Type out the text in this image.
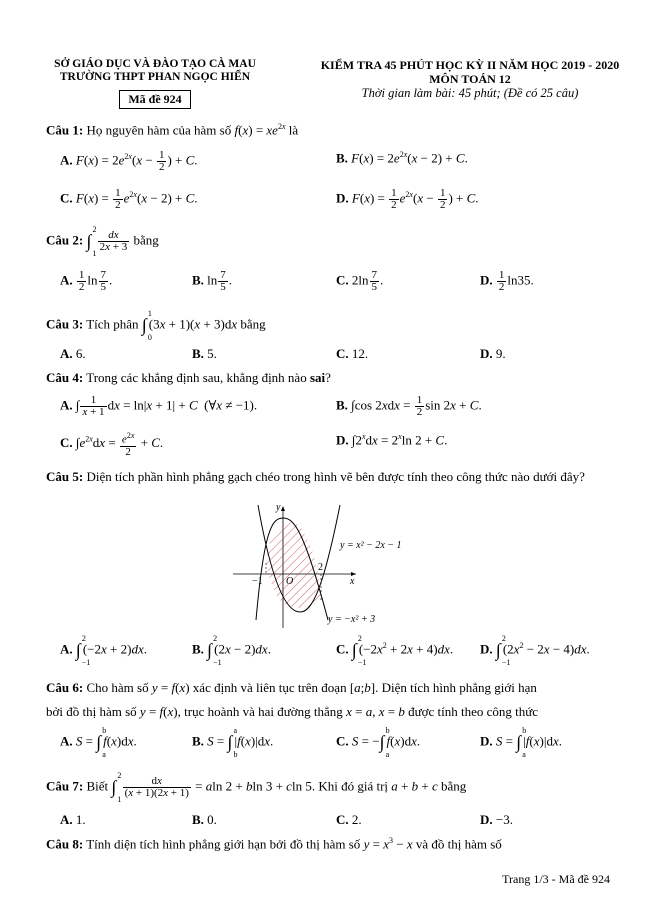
SỞ GIÁO DỤC VÀ ĐÀO TẠO CÀ MAU
TRƯỜNG THPT PHAN NGỌC HIỂN
Mã đề 924
KIỂM TRA 45 PHÚT HỌC KỲ II NĂM HỌC 2019 - 2020
MÔN TOÁN 12
Thời gian làm bài: 45 phút; (Đề có 25 câu)
Câu 1: Họ nguyên hàm của hàm số $f(x) = xe^{2x}$ là
A. $F(x) = 2e^{2x}(x - \frac{1}{2}$ ) + C.	B. $F(x) = 2e^{2x}(x - 2) + C$.
C. $F(x) = \frac{1}{2} e^{2x}(x - 2) + C$.	D. $F(x) = \frac{1}{2} e^{2x}(x - \frac{1}{2}$ ) + C.
Câu 2: ∫
2
1

$\frac{dx}{2x + 3}$ bằng
A. $\frac{1}{2}$ $\ln \frac{7}{5}$ .	B. $\ln \frac{7}{5}$ .	C. $2\ln \frac{7}{5}$ .	D. $\frac{1}{2} \ln 35$.
Câu 3: Tích phân ∫
1
0
(3x + 1)(x + 3)dx bằng
A. 6.	B. 5.	C. 12.	D. 9.
Câu 4: Trong các khẳng định sau, khẳng định nào sai?
A. ∫ $\frac{1}{x + 1}$ dx = ln|x + 1| + C  (∀x ≠ −1).	B. ∫cos $2xdx = \frac{1}{2}$ sin 2x + C.
C. $\int e^{2x}dx = \frac{e^{2x}}{2} + C$.	D. $\int 2^xdx = 2^x\ln$ 2 + C.
Câu 5: Diện tích phần hình phẳng gạch chéo trong hình vẽ bên được tính theo công thức nào dưới đây?
y
x
O
−1
2
y = x² − 2x − 1
y = −x² + 3
A. ∫
2
−1
(−2x + 2)dx.	B. ∫
2
−1
(2x − 2)dx.	C. ∫
2
−1
$(-2x^2 + 2x + 4)dx$. D. ∫
2
−1
$(2x^2 - 2x - 4)dx$.
Câu 6: Cho hàm số y = f(x) xác định và liên tục trên đoạn [a;b]. Diện tích hình phẳng giới hạn
bởi đồ thị hàm số y = f(x), trục hoành và hai đường thẳng x = a, x = b được tính theo công thức
A. S = ∫
b
a
f(x)dx.	B. S = ∫
a
b
|f(x)|dx.	C. S = −∫
b
a
f(x)dx.	D. S = ∫
b
a
|f(x)|dx.
Câu 7: Biết ∫
2
1

$\frac{dx}{(x + 1)(2x + 1)} = aln$ 2 + bln 3 + cln 5. Khi đó giá trị a + b + c bằng
A. 1.	B. 0.	C. 2.	D. −3.
Câu 8: Tính diện tích hình phẳng giới hạn bởi đồ thị hàm số $y = x^3 - x$ và đồ thị hàm số
Trang 1/3 - Mã đề 924
